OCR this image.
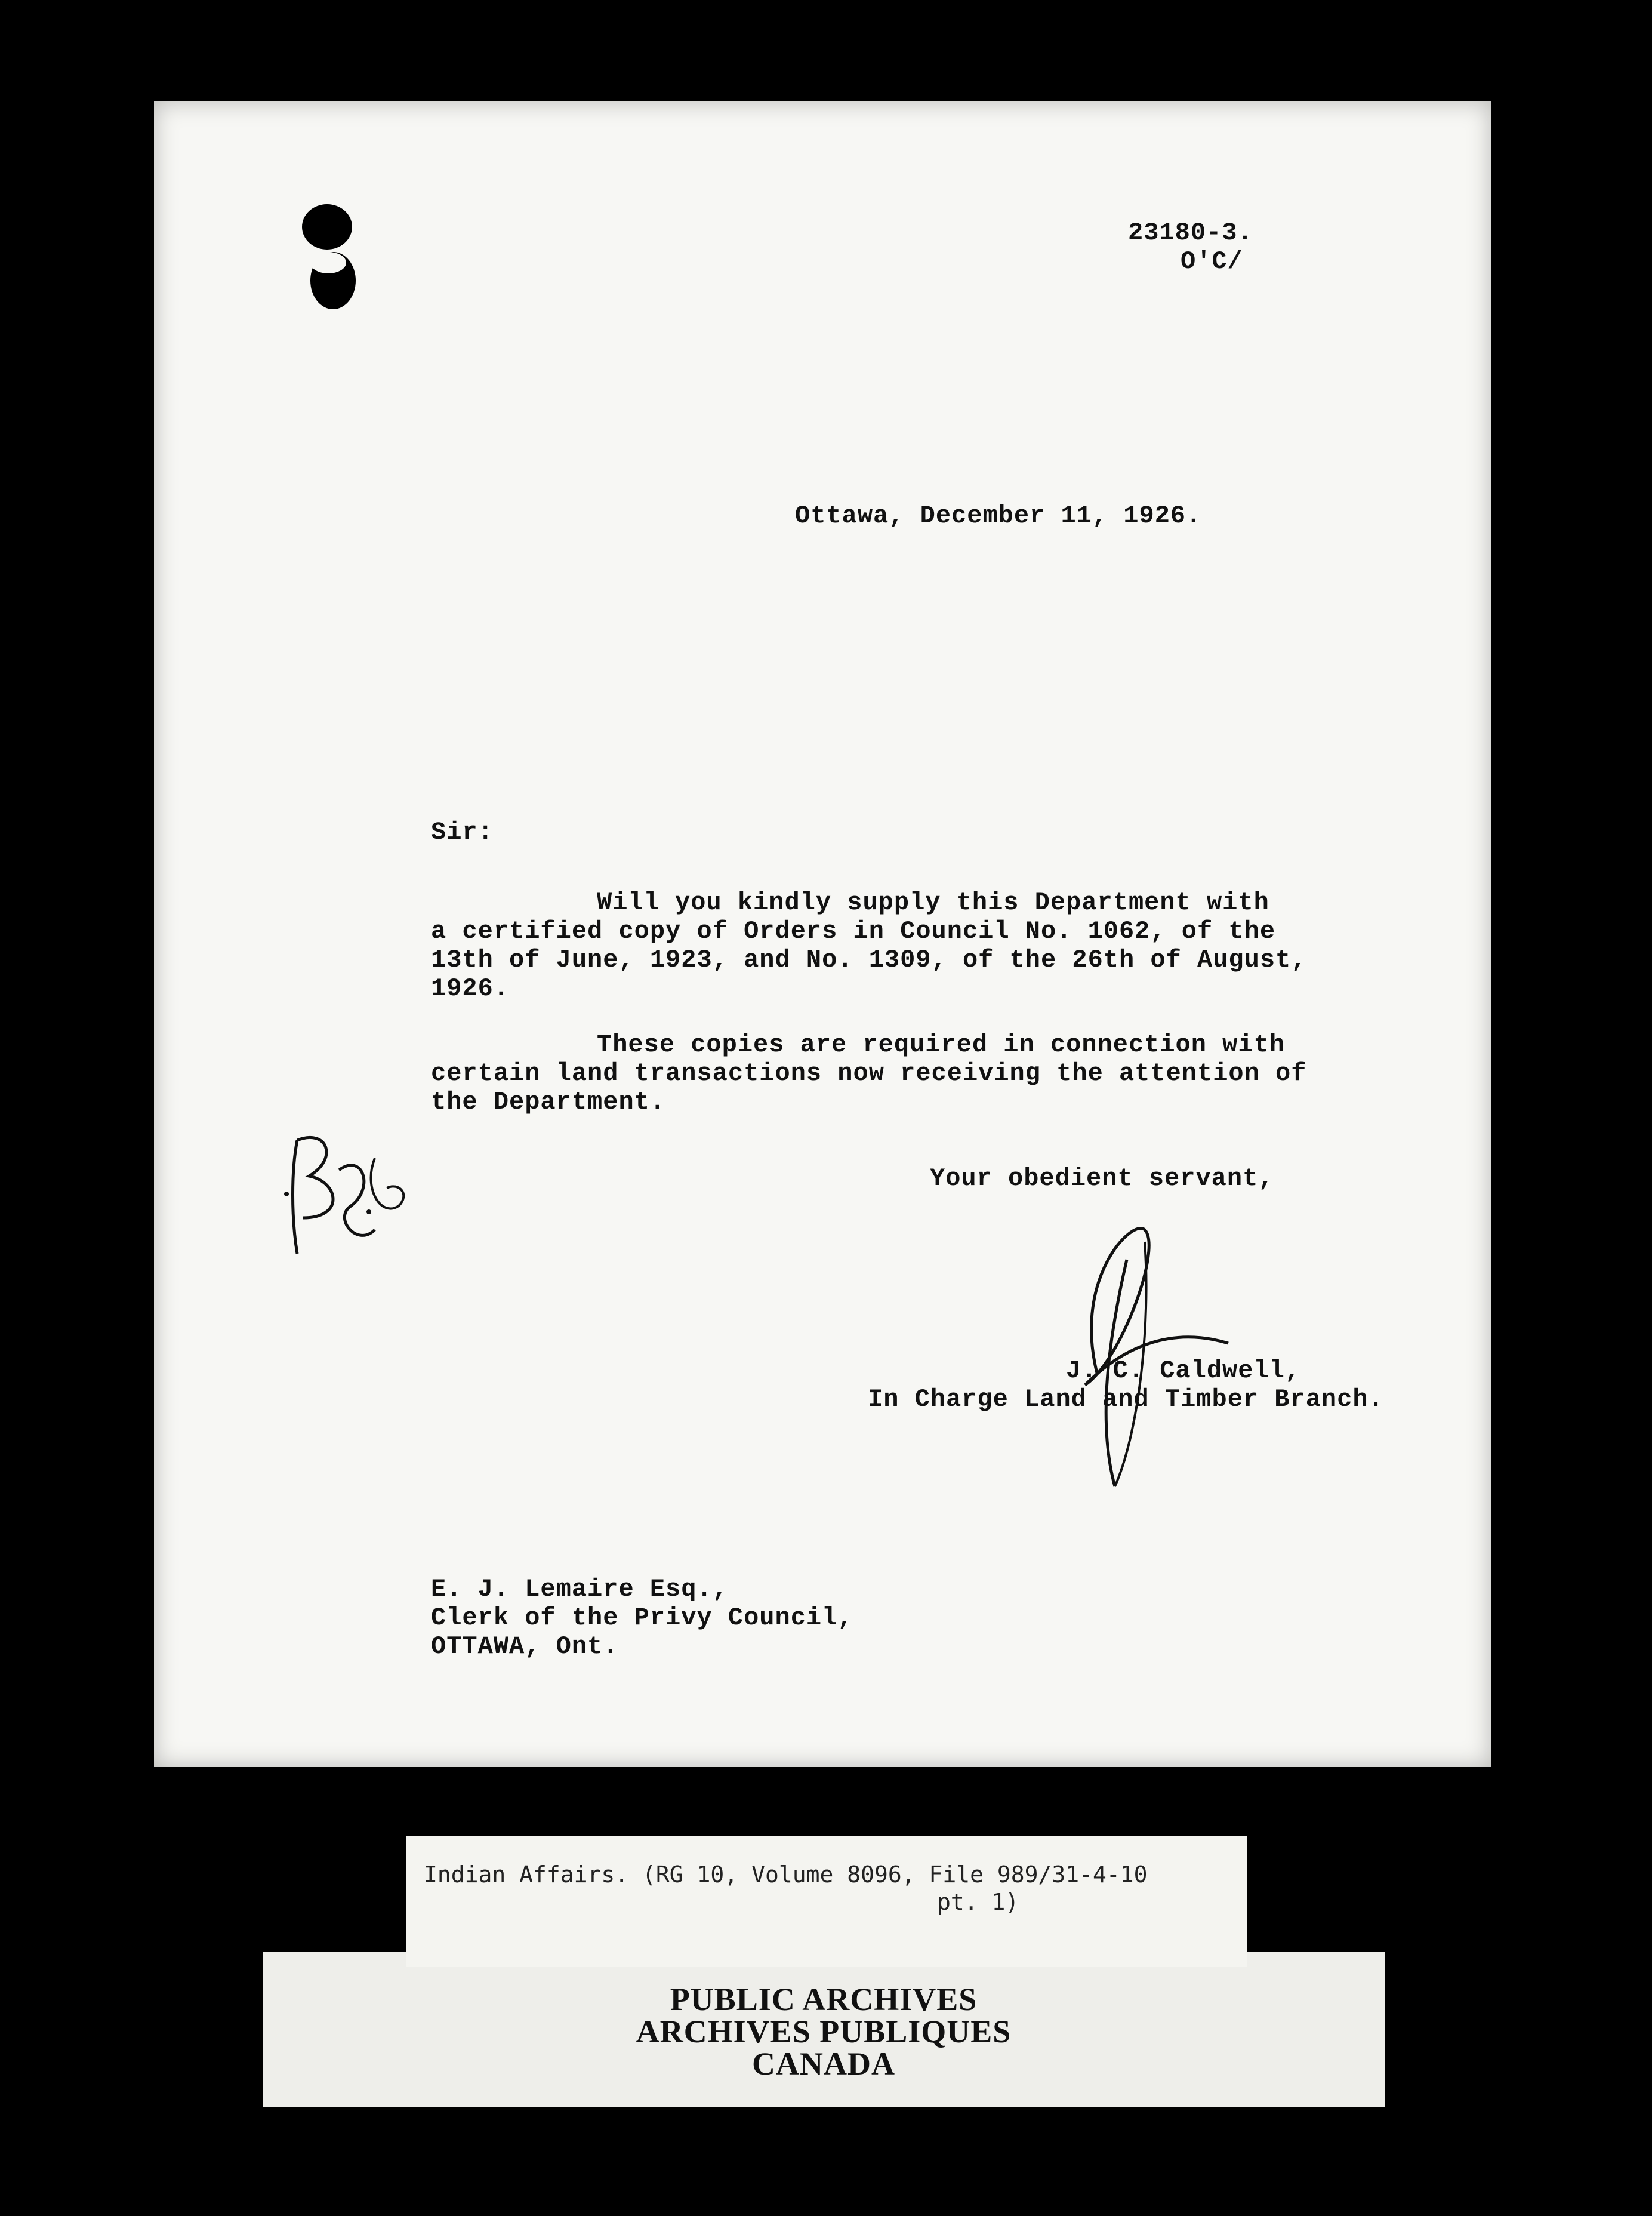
23180-3.
O'C/
Ottawa, December 11, 1926.
Sir:
Will you kindly supply this Department with
a certified copy of Orders in Council No. 1062, of the
13th of June, 1923, and No. 1309, of the 26th of August,
1926.
These copies are required in connection with
certain land transactions now receiving the attention of
the Department.
Your obedient servant,
J. C. Caldwell,
In Charge Land and Timber Branch.
E. J. Lemaire Esq.,
Clerk of the Privy Council,
OTTAWA, Ont.
Indian Affairs. (RG 10, Volume 8096, File 989/31-4-10
pt. 1)
PUBLIC ARCHIVES
ARCHIVES PUBLIQUES
CANADA
